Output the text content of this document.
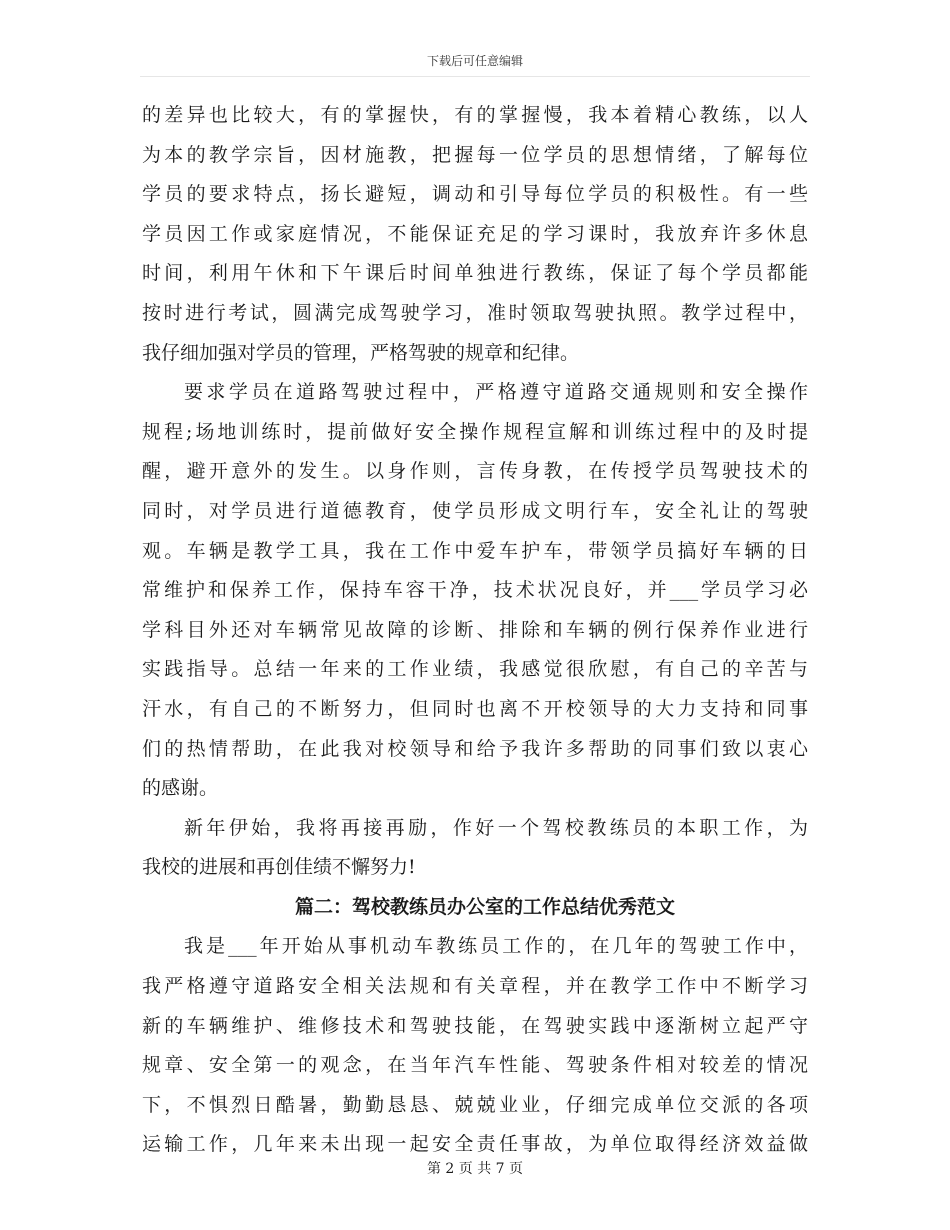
下载后可任意编辑
的差异也比较大，有的掌握快，有的掌握慢，我本着精心教练，以人
为本的教学宗旨，因材施教，把握每一位学员的思想情绪，了解每位
学员的要求特点，扬长避短，调动和引导每位学员的积极性。有一些
学员因工作或家庭情况，不能保证充足的学习课时，我放弃许多休息
时间，利用午休和下午课后时间单独进行教练，保证了每个学员都能
按时进行考试，圆满完成驾驶学习，准时领取驾驶执照。教学过程中，
我仔细加强对学员的管理，严格驾驶的规章和纪律。
要求学员在道路驾驶过程中，严格遵守道路交通规则和安全操作
规程;场地训练时，提前做好安全操作规程宣解和训练过程中的及时提
醒，避开意外的发生。以身作则，言传身教，在传授学员驾驶技术的
同时，对学员进行道德教育，使学员形成文明行车，安全礼让的驾驶
观。车辆是教学工具，我在工作中爱车护车，带领学员搞好车辆的日
常维护和保养工作，保持车容干净，技术状况良好，并___学员学习必
学科目外还对车辆常见故障的诊断、排除和车辆的例行保养作业进行
实践指导。总结一年来的工作业绩，我感觉很欣慰，有自己的辛苦与
汗水，有自己的不断努力，但同时也离不开校领导的大力支持和同事
们的热情帮助，在此我对校领导和给予我许多帮助的同事们致以衷心
的感谢。
新年伊始，我将再接再励，作好一个驾校教练员的本职工作，为
我校的进展和再创佳绩不懈努力!
篇二：驾校教练员办公室的工作总结优秀范文
我是___年开始从事机动车教练员工作的，在几年的驾驶工作中，
我严格遵守道路安全相关法规和有关章程，并在教学工作中不断学习
新的车辆维护、维修技术和驾驶技能，在驾驶实践中逐渐树立起严守
规章、安全第一的观念，在当年汽车性能、驾驶条件相对较差的情况
下，不惧烈日酷暑，勤勤恳恳、兢兢业业，仔细完成单位交派的各项
运输工作，几年来未出现一起安全责任事故，为单位取得经济效益做
第 2 页 共 7 页
